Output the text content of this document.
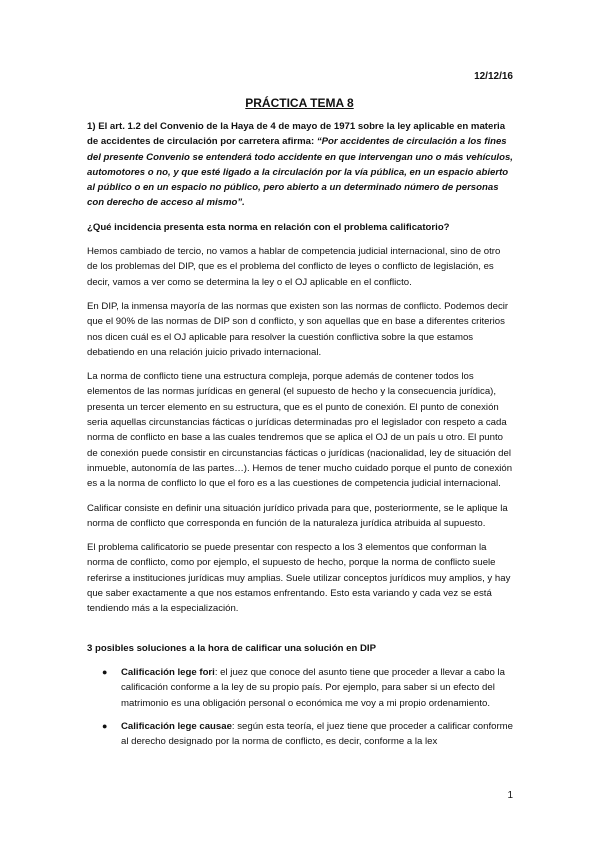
12/12/16
PRÁCTICA TEMA 8

1) El art. 1.2 del Convenio de la Haya de 4 de mayo de 1971 sobre la ley aplicable en materia de accidentes de circulación por carretera afirma: “Por accidentes de circulación a los fines del presente Convenio se entenderá todo accidente en que intervengan uno o más vehículos, automotores o no, y que esté ligado a la circulación por la vía pública, en un espacio abierto al público o en un espacio no público, pero abierto a un determinado número de personas con derecho de acceso al mismo”.

¿Qué incidencia presenta esta norma en relación con el problema calificatorio?

Hemos cambiado de tercio, no vamos a hablar de competencia judicial internacional, sino de otro de los problemas del DIP, que es el problema del conflicto de leyes o conflicto de legislación, es decir, vamos a ver como se determina la ley o el OJ aplicable en el conflicto.

En DIP, la inmensa mayoría de las normas que existen son las normas de conflicto. Podemos decir que el 90% de las normas de DIP son d conflicto, y son aquellas que en base a diferentes criterios nos dicen cuál es el OJ aplicable para resolver la cuestión conflictiva sobre la que estamos debatiendo en una relación juicio privado internacional.

La norma de conflicto tiene una estructura compleja, porque además de contener todos los elementos de las normas jurídicas en general (el supuesto de hecho y la consecuencia jurídica), presenta un tercer elemento en su estructura, que es el punto de conexión. El punto de conexión seria aquellas circunstancias fácticas o jurídicas determinadas pro el legislador con respeto a cada norma de conflicto en base a las cuales tendremos que se aplica el OJ de un país u otro. El punto de conexión puede consistir en circunstancias fácticas o jurídicas (nacionalidad, ley de situación del inmueble, autonomía de las partes…). Hemos de tener mucho cuidado porque el punto de conexión es a la norma de conflicto lo que el foro es a las cuestiones de competencia judicial internacional.

Calificar consiste en definir una situación jurídico privada para que, posteriormente, se le aplique la norma de conflicto que corresponda en función de la naturaleza jurídica atribuida al supuesto.

El problema calificatorio se puede presentar con respecto a los 3 elementos que conforman la norma de conflicto, como por ejemplo, el supuesto de hecho, porque la norma de conflicto suele referirse a instituciones jurídicas muy amplias. Suele utilizar conceptos jurídicos muy amplios, y hay que saber exactamente a que nos estamos enfrentando. Esto esta variando y cada vez se está tendiendo más a la especialización.

3 posibles soluciones a la hora de calificar una solución en DIP

● Calificación lege fori: el juez que conoce del asunto tiene que proceder a llevar a cabo la calificación conforme a la ley de su propio país. Por ejemplo, para saber si un efecto del matrimonio es una obligación personal o económica me voy a mi propio ordenamiento.
● Calificación lege causae: según esta teoría, el juez tiene que proceder a calificar conforme al derecho designado por la norma de conflicto, es decir, conforme a la lex
1
